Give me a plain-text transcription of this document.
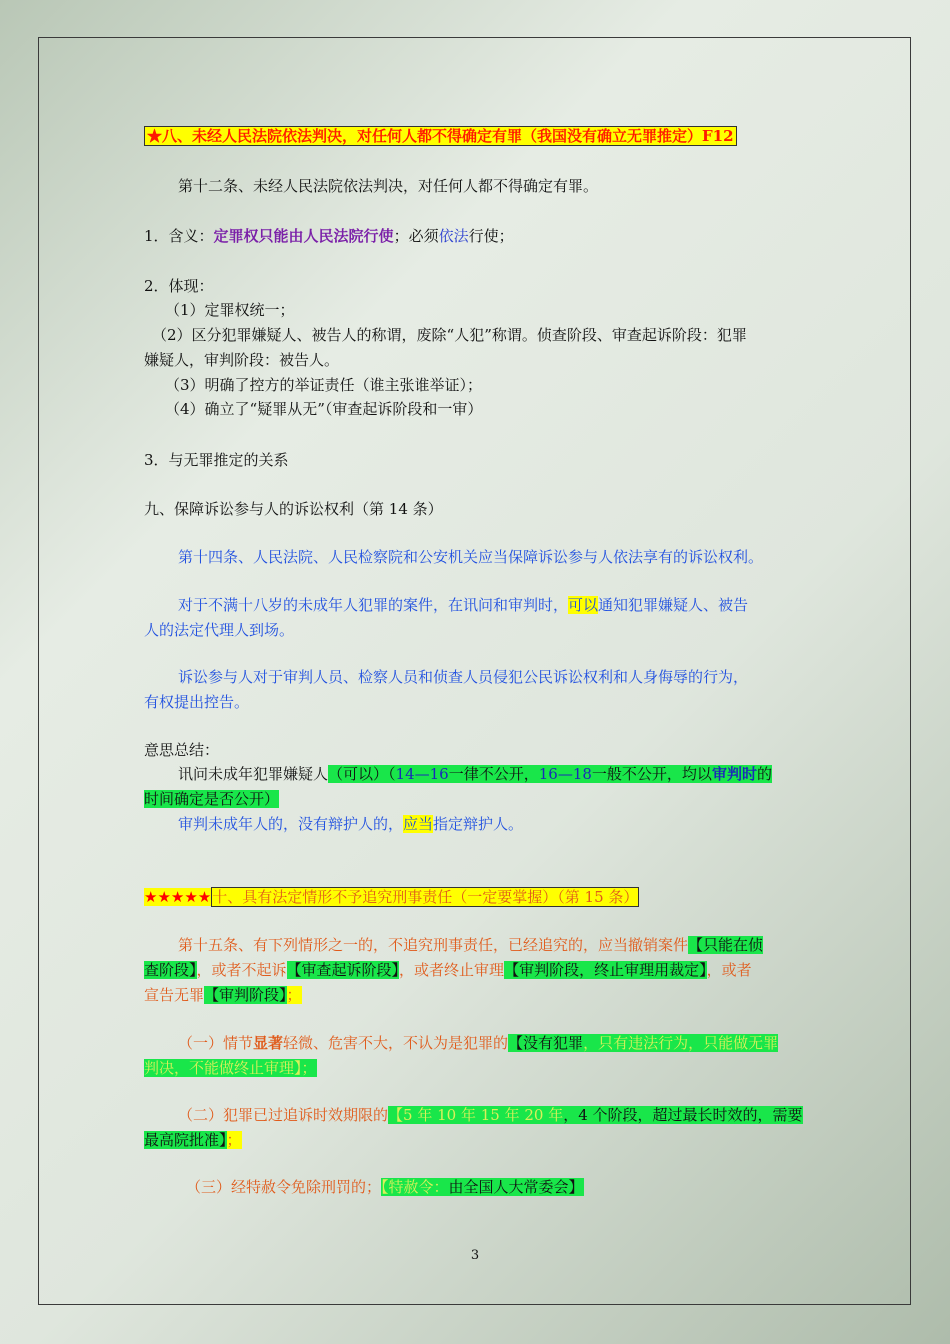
★八、未经人民法院依法判决，对任何人都不得确定有罪（我国没有确立无罪推定）F12
第十二条、未经人民法院依法判决，对任何人都不得确定有罪。
1．含义：定罪权只能由人民法院行使；必须依法行使；
2．体现：
（1）定罪权统一；
（2）区分犯罪嫌疑人、被告人的称谓，废除“人犯”称谓。侦查阶段、审查起诉阶段：犯罪
嫌疑人，审判阶段：被告人。
（3）明确了控方的举证责任（谁主张谁举证）；
（4）确立了“疑罪从无”（审查起诉阶段和一审）
3．与无罪推定的关系
九、保障诉讼参与人的诉讼权利（第 14 条）
第十四条、人民法院、人民检察院和公安机关应当保障诉讼参与人依法享有的诉讼权利。
对于不满十八岁的未成年人犯罪的案件，在讯问和审判时，可以通知犯罪嫌疑人、被告
人的法定代理人到场。
诉讼参与人对于审判人员、检察人员和侦查人员侵犯公民诉讼权利和人身侮辱的行为，
有权提出控告。
意思总结：
讯问未成年犯罪嫌疑人（可以）（14—16一律不公开，16—18一般不公开，均以审判时的
时间确定是否公开）
审判未成年人的，没有辩护人的，应当指定辩护人。
★★★★★十、具有法定情形不予追究刑事责任（一定要掌握）（第 15 条）
第十五条、有下列情形之一的，不追究刑事责任，已经追究的，应当撤销案件【只能在侦
查阶段】，或者不起诉【审查起诉阶段】，或者终止审理【审判阶段，终止审理用裁定】，或者
宣告无罪【审判阶段】；
（一）情节显著轻微、危害不大，不认为是犯罪的【没有犯罪，只有违法行为，只能做无罪
判决，不能做终止审理】；
（二）犯罪已过追诉时效期限的【5 年 10 年 15 年 20 年，4 个阶段，超过最长时效的，需要
最高院批准】；
（三）经特赦令免除刑罚的；【特赦令：由全国人大常委会】
3
